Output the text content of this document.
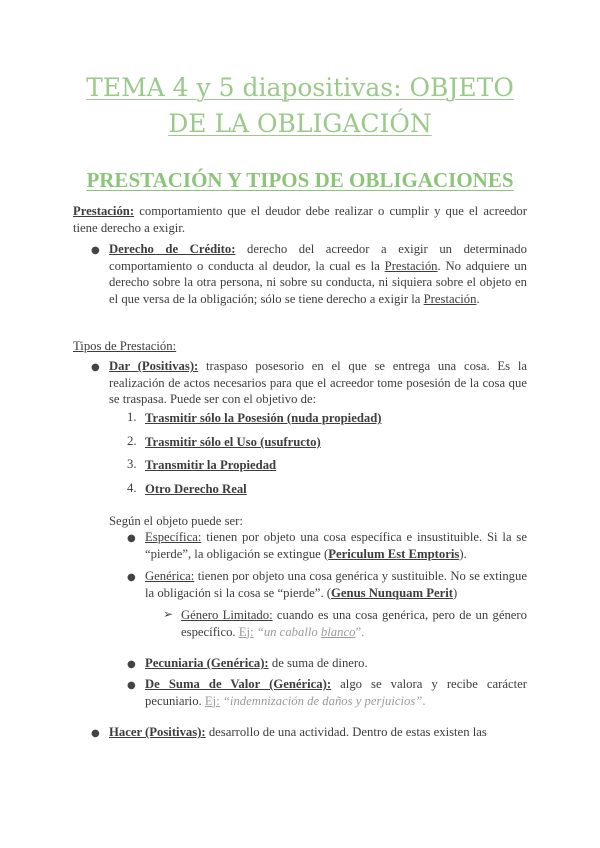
TEMA 4 y 5 diapositivas: OBJETO
DE LA OBLIGACIÓN
PRESTACIÓN Y TIPOS DE OBLIGACIONES
Prestación: comportamiento que el deudor debe realizar o cumplir y que el acreedor tiene derecho a exigir.
● Derecho de Crédito: derecho del acreedor a exigir un determinado comportamiento o conducta al deudor, la cual es la Prestación. No adquiere un derecho sobre la otra persona, ni sobre su conducta, ni siquiera sobre el objeto en el que versa de la obligación; sólo se tiene derecho a exigir la Prestación.
Tipos de Prestación:
● Dar (Positivas): traspaso posesorio en el que se entrega una cosa. Es la realización de actos necesarios para que el acreedor tome posesión de la cosa que se traspasa. Puede ser con el objetivo de:
1. Trasmitir sólo la Posesión (nuda propiedad)
2. Trasmitir sólo el Uso (usufructo)
3. Transmitir la Propiedad
4. Otro Derecho Real
Según el objeto puede ser:
● Específica: tienen por objeto una cosa específica e insustituible. Si la se “pierde”, la obligación se extingue (Periculum Est Emptoris).
● Genérica: tienen por objeto una cosa genérica y sustituible. No se extingue la obligación si la cosa se “pierde”. (Genus Nunquam Perit)
➢ Género Limitado: cuando es una cosa genérica, pero de un género específico. Ej: “un caballo blanco”.
● Pecuniaria (Genérica): de suma de dinero.
● De Suma de Valor (Genérica): algo se valora y recibe carácter pecuniario. Ej: “indemnización de daños y perjuicios”.
● Hacer (Positivas): desarrollo de una actividad. Dentro de estas existen las
